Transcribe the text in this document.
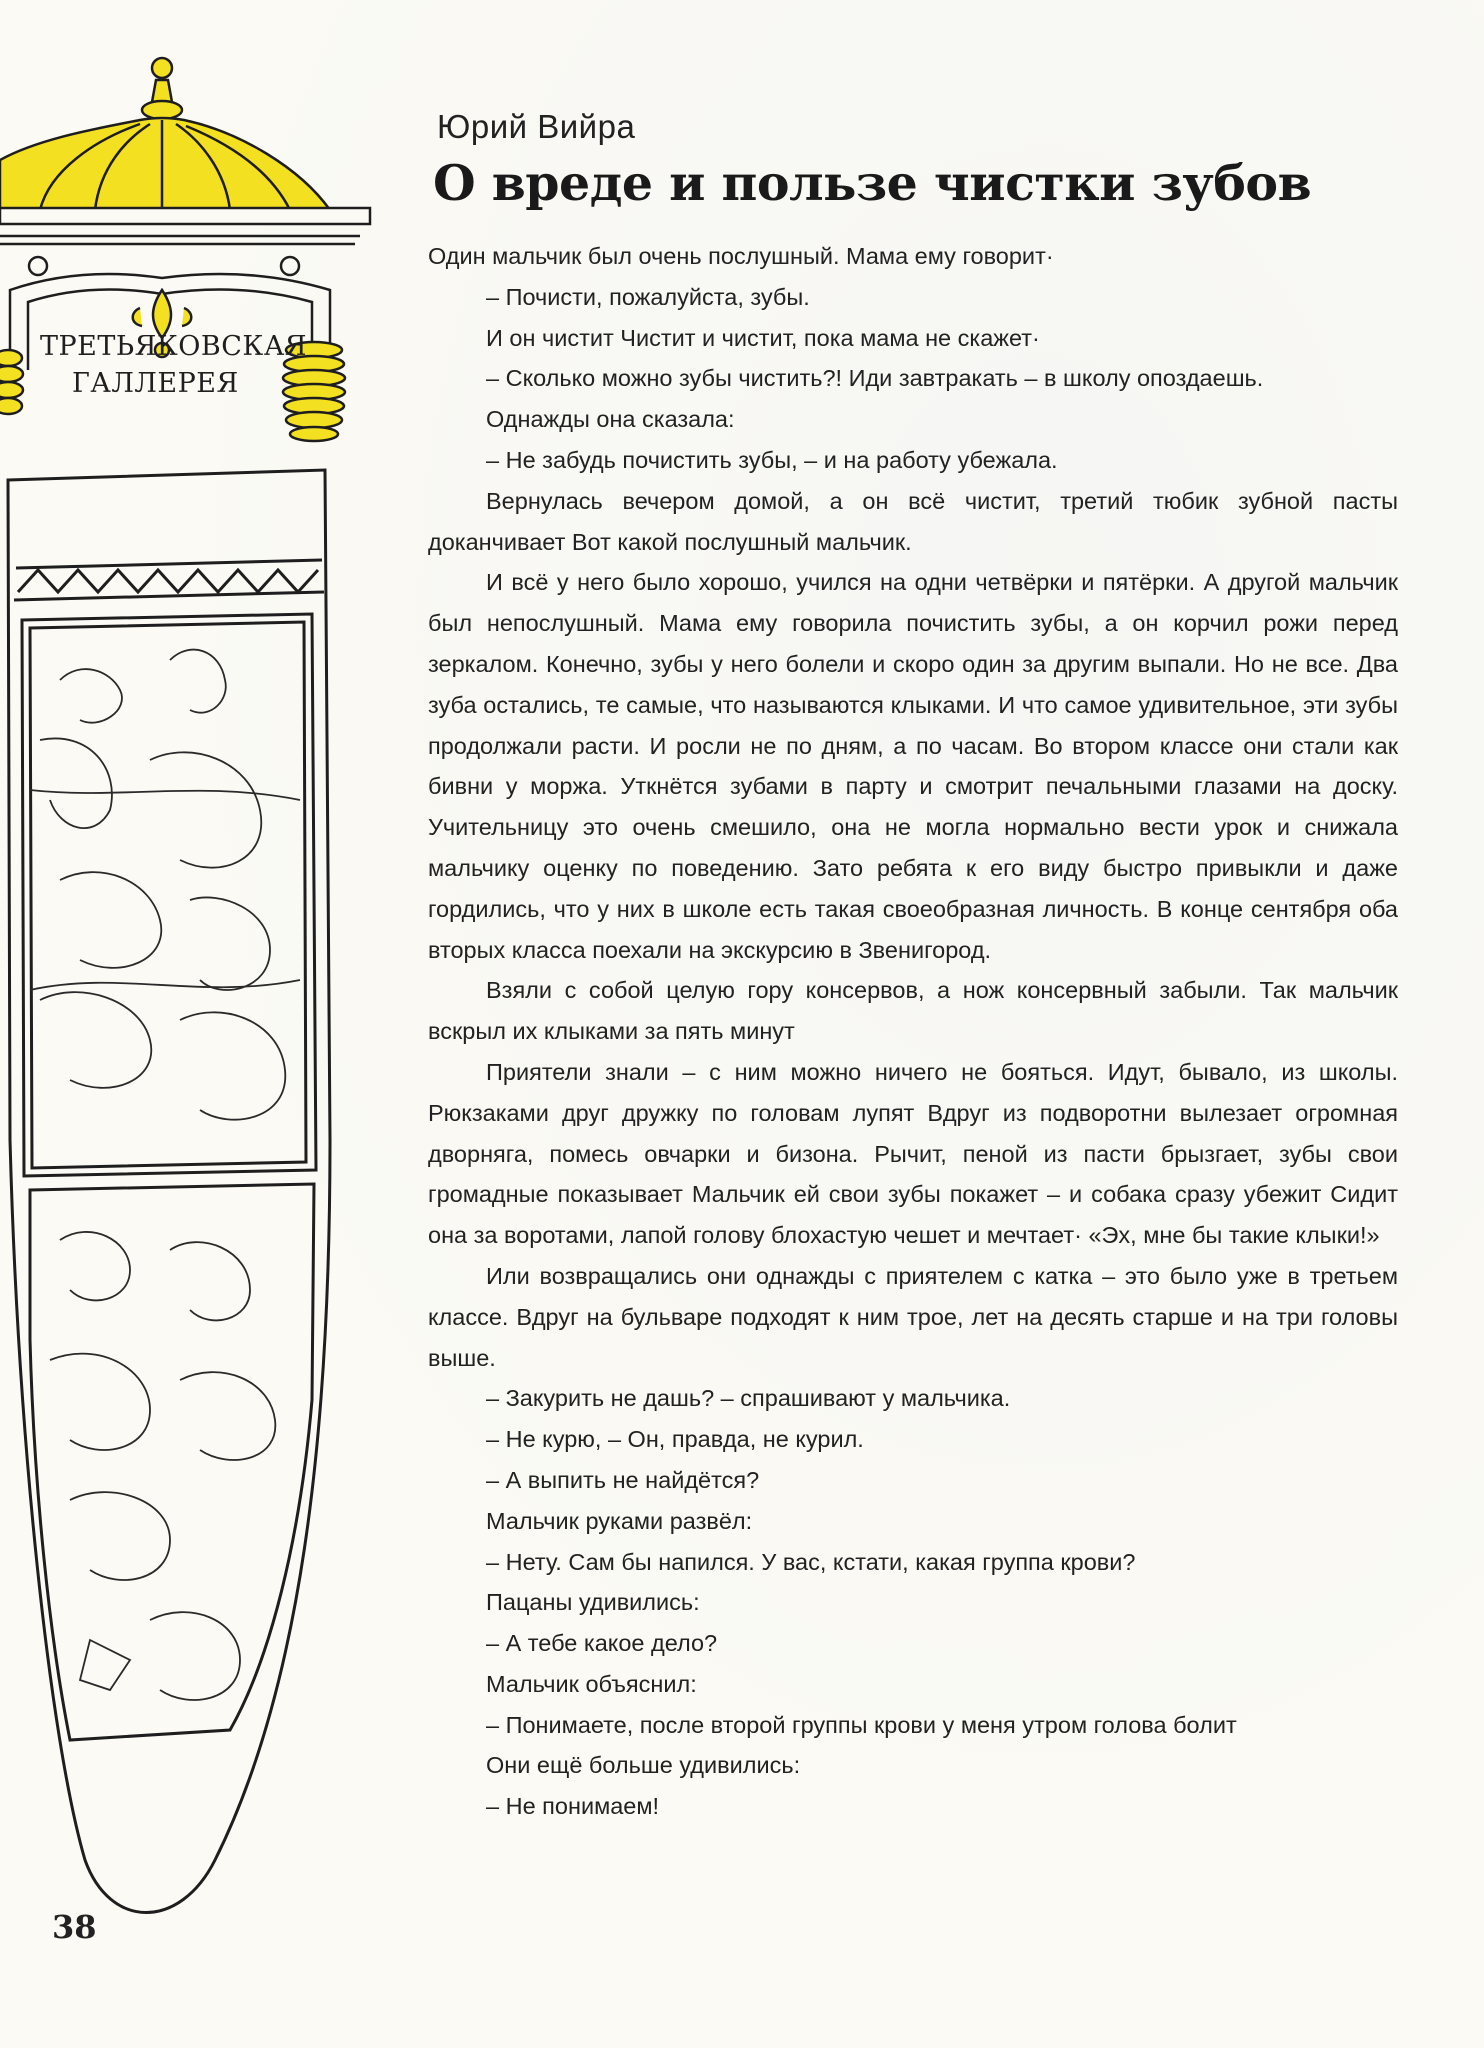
ТРЕТЬЯКОВСКАЯ
ГАЛЛЕРЕЯ
Юрий Вийра
О вреде и пользе чистки зубов

Один мальчик был очень послушный. Мама ему говорит·

– Почисти, пожалуйста, зубы.

И он чистит Чистит и чистит, пока мама не скажет·

– Сколько можно зубы чистить?! Иди завтракать – в школу опоздаешь.

Однажды она сказала:

– Не забудь почистить зубы, – и на работу убежала.

Вернулась вечером домой, а он всё чистит, третий тюбик зубной пасты доканчивает Вот какой послушный мальчик.

И всё у него было хорошо, учился на одни четвёрки и пятёрки. А другой мальчик был непослушный. Мама ему говорила почистить зубы, а он корчил рожи перед зеркалом. Конечно, зубы у него болели и скоро один за другим выпали. Но не все. Два зуба остались, те самые, что называются клыками. И что самое удивительное, эти зубы продолжали расти. И росли не по дням, а по часам. Во втором классе они стали как бивни у моржа. Уткнётся зубами в парту и смотрит печальными глазами на доску. Учительницу это очень смешило, она не могла нормально вести урок и снижала мальчику оценку по поведению. Зато ребята к его виду быстро привыкли и даже гордились, что у них в школе есть такая своеобразная личность. В конце сентября оба вторых класса поехали на экскурсию в Звенигород.

Взяли с собой целую гору консервов, а нож консервный забыли. Так мальчик вскрыл их клыками за пять минут

Приятели знали – с ним можно ничего не бояться. Идут, бывало, из школы. Рюкзаками друг дружку по головам лупят Вдруг из подворотни вылезает огромная дворняга, помесь овчарки и бизона. Рычит, пеной из пасти брызгает, зубы свои громадные показывает Мальчик ей свои зубы покажет – и собака сразу убежит Сидит она за воротами, лапой голову блохастую чешет и мечтает· «Эх, мне бы такие клыки!»

Или возвращались они однажды с приятелем с катка – это было уже в третьем классе. Вдруг на бульваре подходят к ним трое, лет на десять старше и на три головы выше.

– Закурить не дашь? – спрашивают у мальчика.

– Не курю, – Он, правда, не курил.

– А выпить не найдётся?

Мальчик руками развёл:

– Нету. Сам бы напился. У вас, кстати, какая группа крови?

Пацаны удивились:

– А тебе какое дело?

Мальчик объяснил:

– Понимаете, после второй группы крови у меня утром голова болит

Они ещё больше удивились:

– Не понимаем!

38
